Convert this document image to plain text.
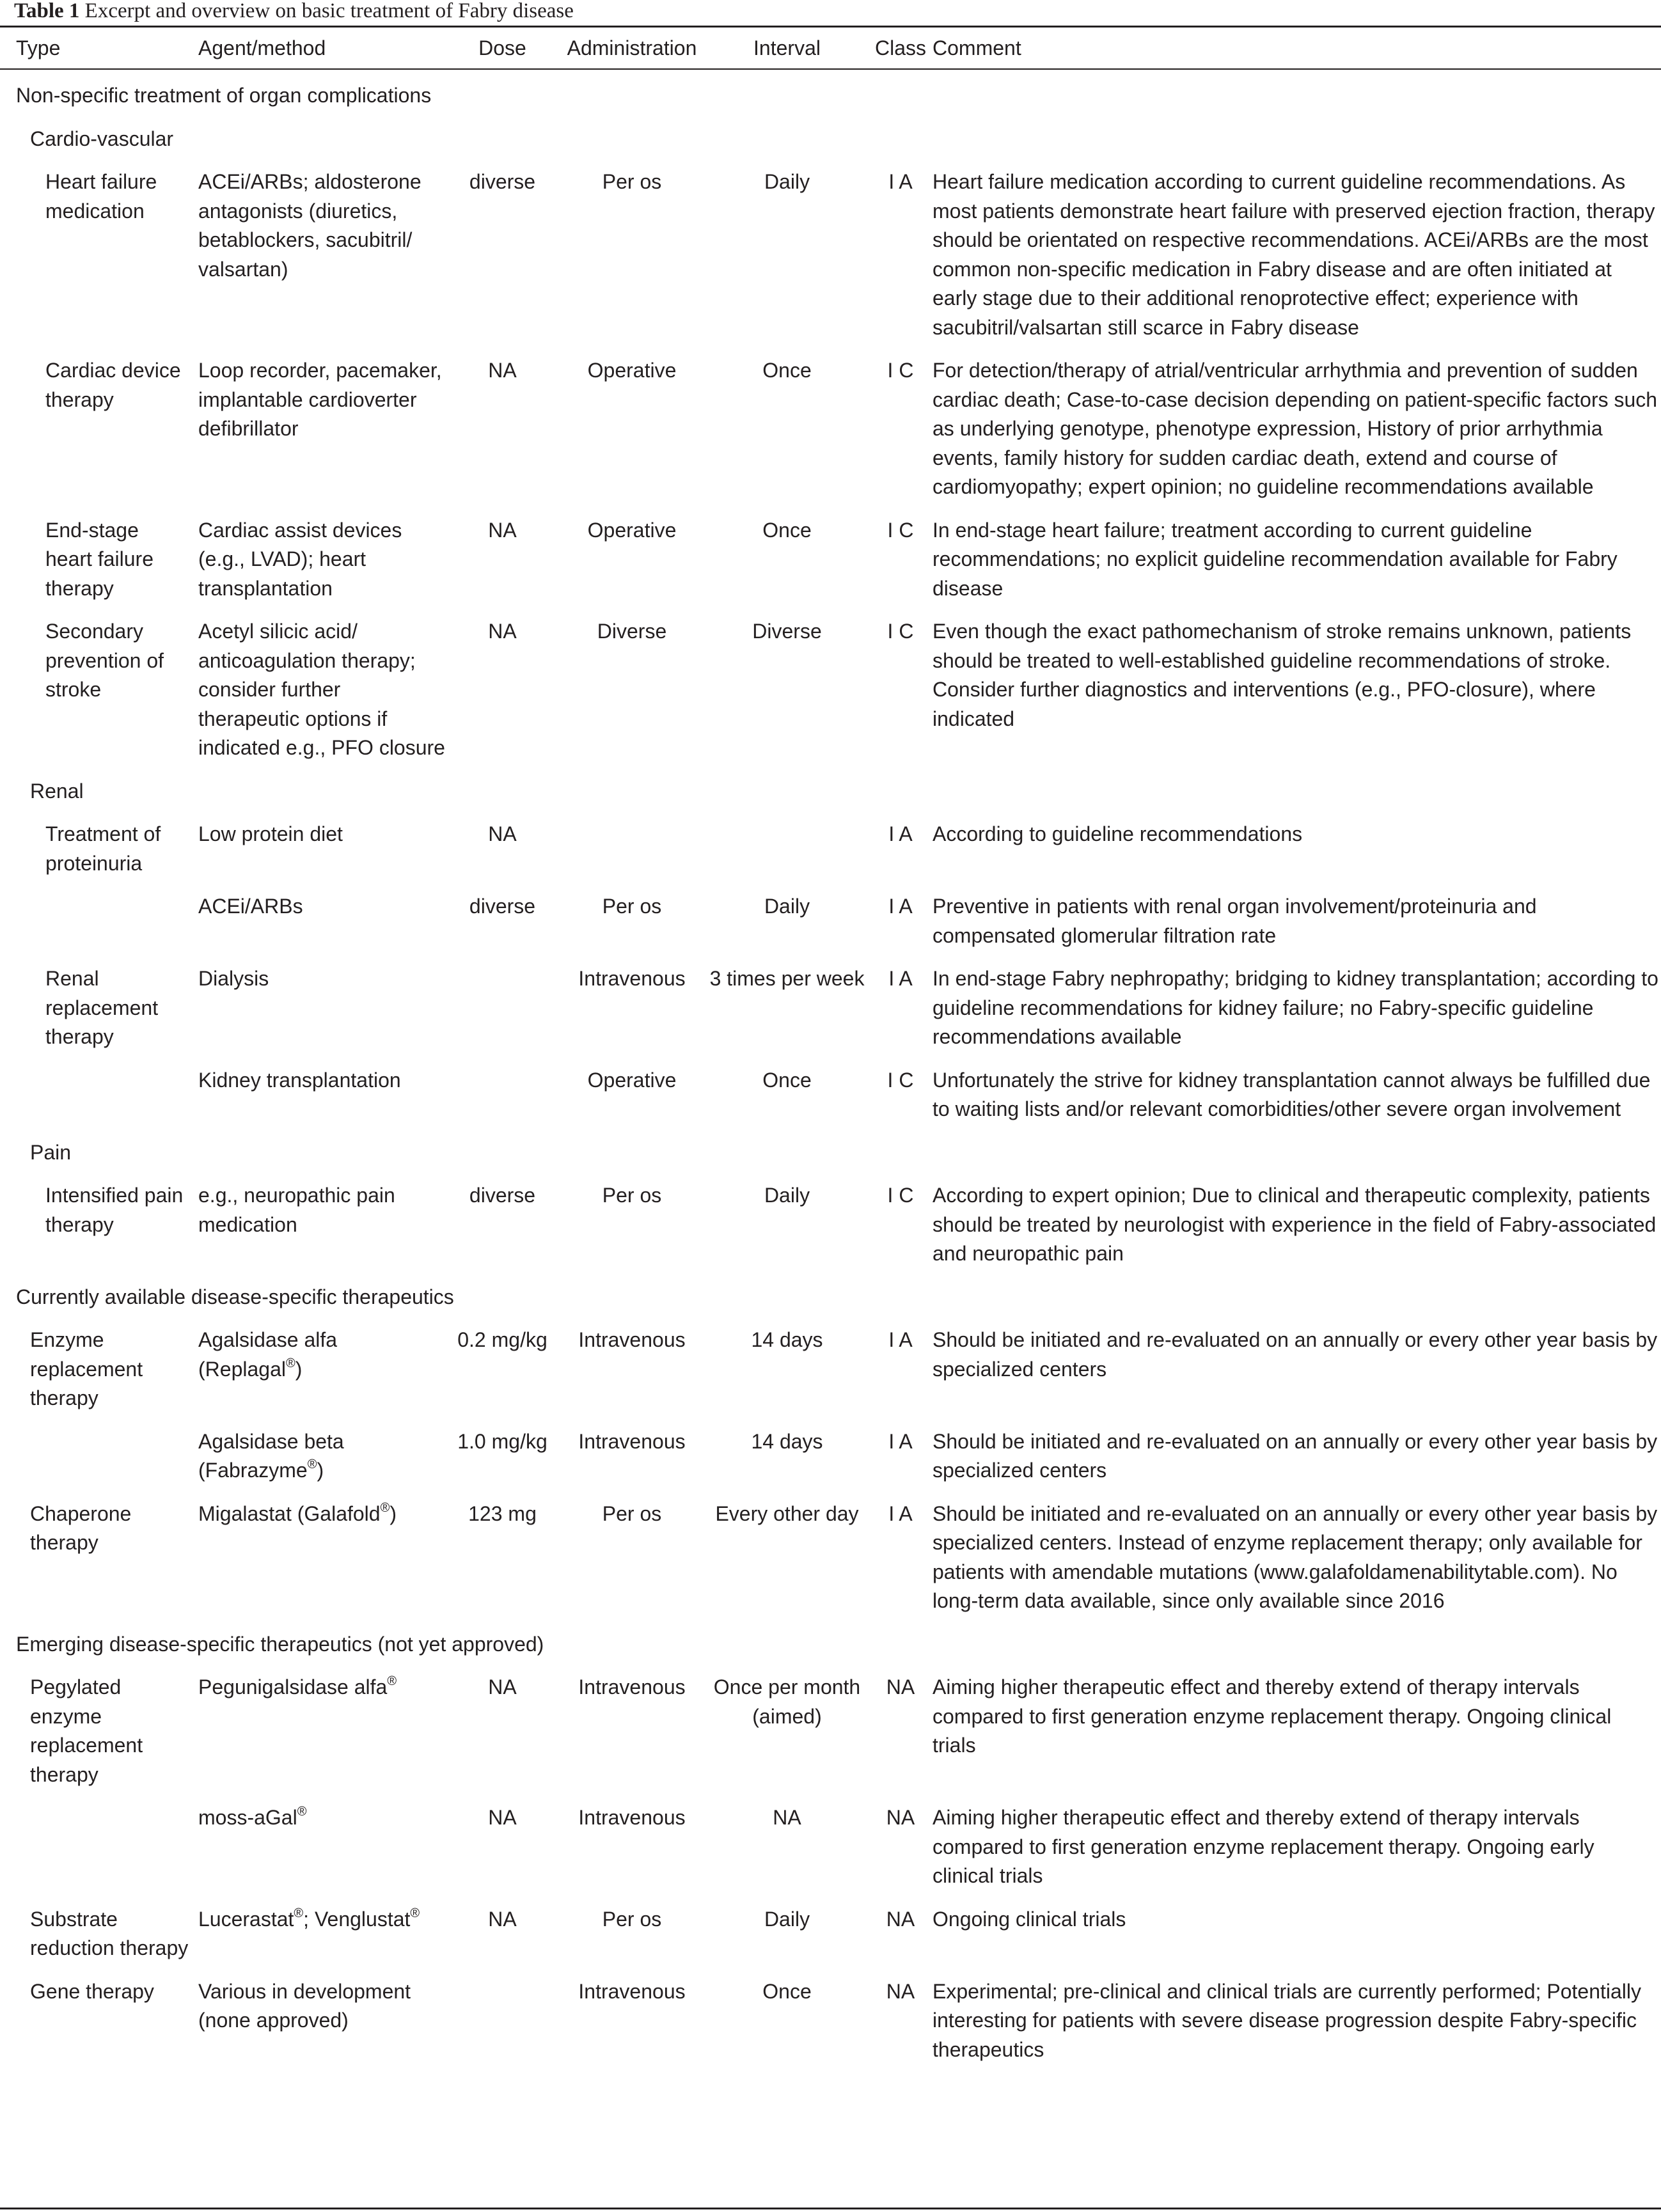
Table 1 Excerpt and overview on basic treatment of Fabry disease
Type	Agent/method	Dose	Administration	Interval	Class	Comment
Non-specific treatment of organ complications						
Cardio-vascular						
Heart failure medication	ACEi/ARBs; aldosterone antagonists (diuretics, betablockers, sacubitril/ valsartan)	diverse	Per os	Daily	I A	Heart failure medication according to current guideline recommendations. As most patients demonstrate heart failure with preserved ejection fraction, therapy should be orientated on respective recommendations. ACEi/ARBs are the most common non-specific medication in Fabry disease and are often initiated at early stage due to their additional renoprotective effect; experience with sacubitril/valsartan still scarce in Fabry disease
Cardiac device therapy	Loop recorder, pacemaker, implantable cardioverter defibrillator	NA	Operative	Once	I C	For detection/therapy of atrial/ventricular arrhythmia and prevention of sudden cardiac death; Case-to-case decision depending on patient-specific factors such as underlying genotype, phenotype expression, History of prior arrhythmia events, family history for sudden cardiac death, extend and course of cardiomyopathy; expert opinion; no guideline recommendations available
End-stage heart failure therapy	Cardiac assist devices (e.g., LVAD); heart transplantation	NA	Operative	Once	I C	In end-stage heart failure; treatment according to current guideline recommendations; no explicit guideline recommendation available for Fabry disease
Secondary prevention of stroke	Acetyl silicic acid/ anticoagulation therapy; consider further therapeutic options if indicated e.g., PFO closure	NA	Diverse	Diverse	I C	Even though the exact pathomechanism of stroke remains unknown, patients should be treated to well-established guideline recommendations of stroke. Consider further diagnostics and interventions (e.g., PFO-closure), where indicated
Renal						
Treatment of proteinuria	Low protein diet	NA			I A	According to guideline recommendations
	ACEi/ARBs	diverse	Per os	Daily	I A	Preventive in patients with renal organ involvement/proteinuria and compensated glomerular filtration rate
Renal replacement therapy	Dialysis		Intravenous	3 times per week	I A	In end-stage Fabry nephropathy; bridging to kidney transplantation; according to guideline recommendations for kidney failure; no Fabry-specific guideline recommendations available
	Kidney transplantation		Operative	Once	I C	Unfortunately the strive for kidney transplantation cannot always be fulfilled due to waiting lists and/or relevant comorbidities/other severe organ involvement
Pain						
Intensified pain therapy	e.g., neuropathic pain medication	diverse	Per os	Daily	I C	According to expert opinion; Due to clinical and therapeutic complexity, patients should be treated by neurologist with experience in the field of Fabry-associated and neuropathic pain
Currently available disease-specific therapeutics						
Enzyme replacement therapy	Agalsidase alfa (Replagal®)	0.2 mg/kg	Intravenous	14 days	I A	Should be initiated and re-evaluated on an annually or every other year basis by specialized centers
	Agalsidase beta (Fabrazyme®)	1.0 mg/kg	Intravenous	14 days	I A	Should be initiated and re-evaluated on an annually or every other year basis by specialized centers
Chaperone therapy	Migalastat (Galafold®)	123 mg	Per os	Every other day	I A	Should be initiated and re-evaluated on an annually or every other year basis by specialized centers. Instead of enzyme replacement therapy; only available for patients with amendable mutations (www.galafoldamenabilitytable.com). No long-term data available, since only available since 2016
Emerging disease-specific therapeutics (not yet approved)						
Pegylated enzyme replacement therapy	Pegunigalsidase alfa®	NA	Intravenous	Once per month (aimed)	NA	Aiming higher therapeutic effect and thereby extend of therapy intervals compared to first generation enzyme replacement therapy. Ongoing clinical trials
	moss-aGal®	NA	Intravenous	NA	NA	Aiming higher therapeutic effect and thereby extend of therapy intervals compared to first generation enzyme replacement therapy. Ongoing early clinical trials
Substrate reduction therapy	Lucerastat®; Venglustat®	NA	Per os	Daily	NA	Ongoing clinical trials
Gene therapy	Various in development (none approved)		Intravenous	Once	NA	Experimental; pre-clinical and clinical trials are currently performed; Potentially interesting for patients with severe disease progression despite Fabry-specific therapeutics
